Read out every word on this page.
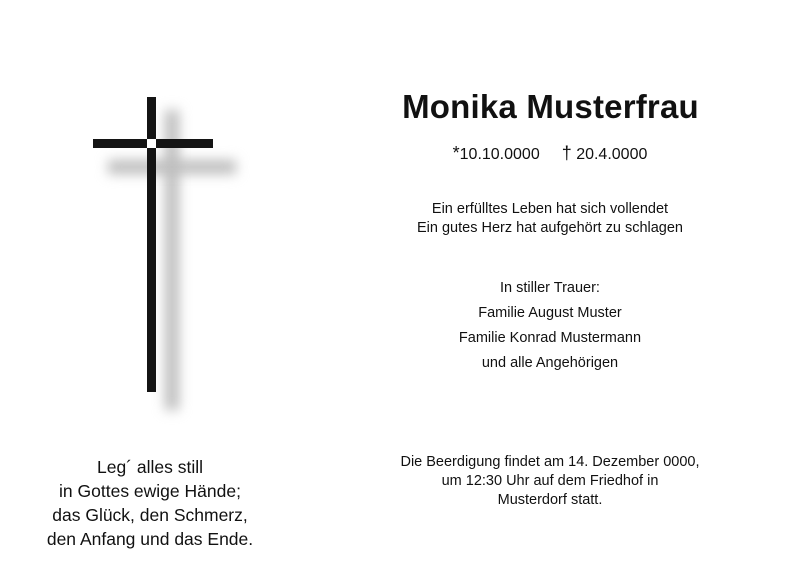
Monika Musterfrau
*10.10.0000 † 20.4.0000
Ein erfülltes Leben hat sich vollendet
Ein gutes Herz hat aufgehört zu schlagen
In stiller Trauer:
Familie August Muster
Familie Konrad Mustermann
und alle Angehörigen
Leg´ alles still
in Gottes ewige Hände;
das Glück, den Schmerz,
den Anfang und das Ende.
Die Beerdigung findet am 14. Dezember 0000,
um 12:30 Uhr auf dem Friedhof in
Musterdorf statt.
